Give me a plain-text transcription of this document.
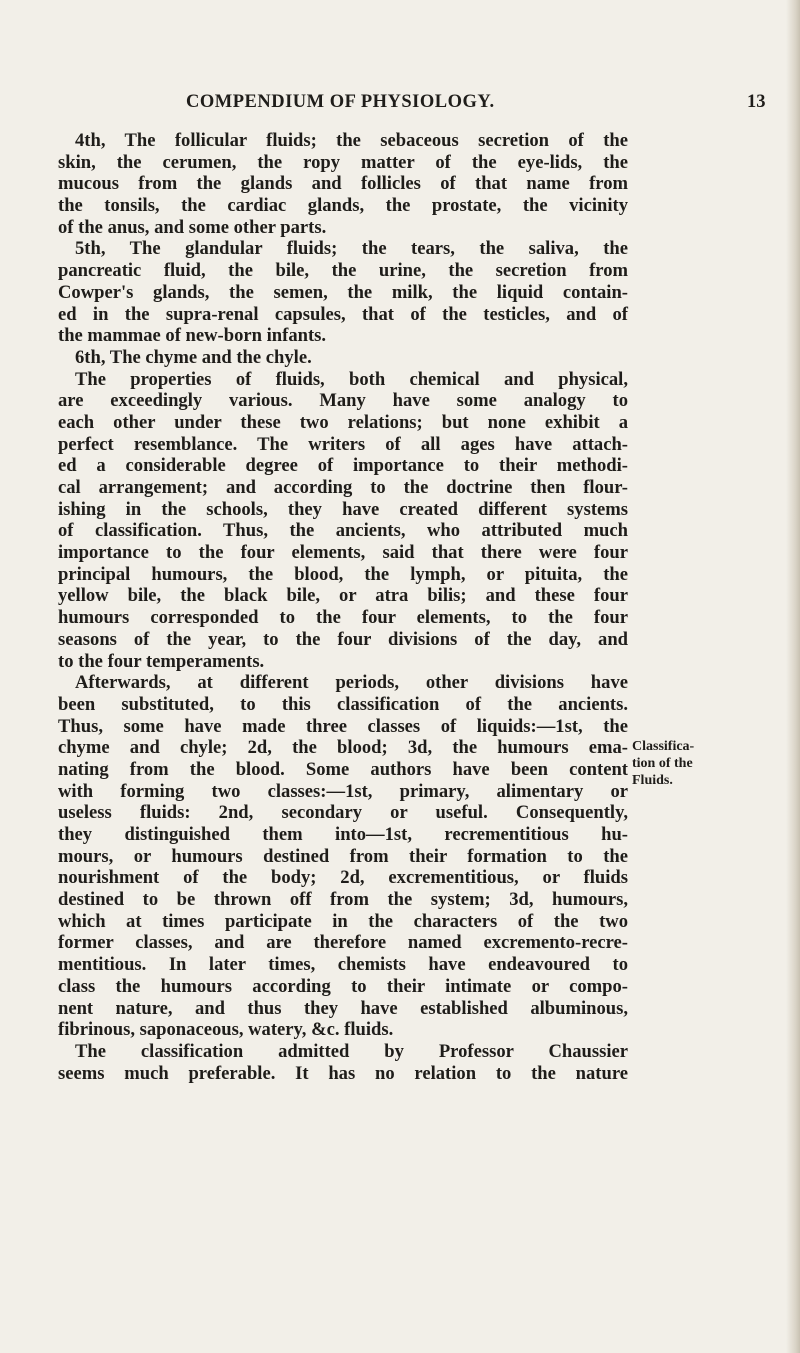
COMPENDIUM OF PHYSIOLOGY.	13
4th, The follicular fluids; the sebaceous secretion of the
skin, the cerumen, the ropy matter of the eye-lids, the
mucous from the glands and follicles of that name from
the tonsils, the cardiac glands, the prostate, the vicinity
of the anus, and some other parts.
5th, The glandular fluids; the tears, the saliva, the
pancreatic fluid, the bile, the urine, the secretion from
Cowper's glands, the semen, the milk, the liquid contain-
ed in the supra-renal capsules, that of the testicles, and of
the mammae of new-born infants.
6th, The chyme and the chyle.
The properties of fluids, both chemical and physical,
are exceedingly various. Many have some analogy to
each other under these two relations; but none exhibit a
perfect resemblance. The writers of all ages have attach-
ed a considerable degree of importance to their methodi-
cal arrangement; and according to the doctrine then flour-
ishing in the schools, they have created different systems
of classification. Thus, the ancients, who attributed much
importance to the four elements, said that there were four
principal humours, the blood, the lymph, or pituita, the
yellow bile, the black bile, or atra bilis; and these four
humours corresponded to the four elements, to the four
seasons of the year, to the four divisions of the day, and
to the four temperaments.
Afterwards, at different periods, other divisions have
been substituted, to this classification of the ancients.
Thus, some have made three classes of liquids:—1st, the
chyme and chyle; 2d, the blood; 3d, the humours ema-
nating from the blood. Some authors have been content
with forming two classes:—1st, primary, alimentary or
useless fluids: 2nd, secondary or useful. Consequently,
they distinguished them into—1st, recrementitious hu-
mours, or humours destined from their formation to the
nourishment of the body; 2d, excrementitious, or fluids
destined to be thrown off from the system; 3d, humours,
which at times participate in the characters of the two
former classes, and are therefore named excremento-recre-
mentitious. In later times, chemists have endeavoured to
class the humours according to their intimate or compo-
nent nature, and thus they have established albuminous,
fibrinous, saponaceous, watery, &c. fluids.
The classification admitted by Professor Chaussier
seems much preferable. It has no relation to the nature
Classifica-
tion of the
Fluids.
